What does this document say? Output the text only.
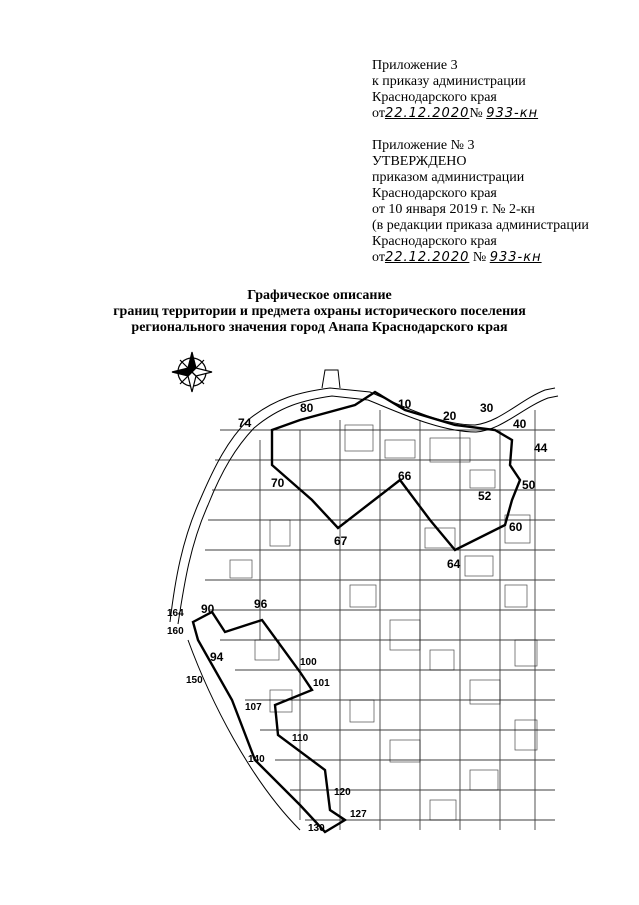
Приложение 3
к приказу администрации
Краснодарского края
от22.12.2020№ 933-кн
Приложение № 3
УТВЕРЖДЕНО
приказом администрации
Краснодарского края
от 10 января 2019 г. № 2-кн
(в редакции приказа администрации
Краснодарского края
от22.12.2020 № 933-кн
Графическое описание
границ территории и предмета охраны исторического поселения
регионального значения город Анапа Краснодарского края
10
20
30
40
44
50
52
60
64
66
67
70
74
80
90
94
96
100
101
107
110
120
127
130
140
150
160
164
